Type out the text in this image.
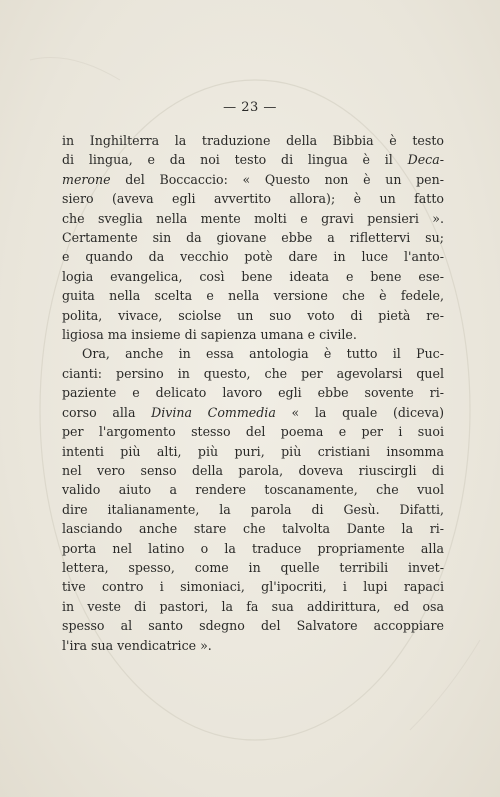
— 23 —
in Inghilterra la traduzione della Bibbia è testo
di lingua, e da noi testo di lingua è il Deca-
merone del Boccaccio: « Questo non è un pen-
siero (aveva egli avvertito allora); è un fatto
che sveglia nella mente molti e gravi pensieri ».
Certamente sin da giovane ebbe a riflettervi su;
e quando da vecchio potè dare in luce l'anto-
logia evangelica, così bene ideata e bene ese-
guita nella scelta e nella versione che è fedele,
polita, vivace, sciolse un suo voto di pietà re-
ligiosa ma insieme di sapienza umana e civile.
Ora, anche in essa antologia è tutto il Puc-
cianti: persino in questo, che per agevolarsi quel
paziente e delicato lavoro egli ebbe sovente ri-
corso alla Divina Commedia « la quale (diceva)
per l'argomento stesso del poema e per i suoi
intenti più alti, più puri, più cristiani insomma
nel vero senso della parola, doveva riuscirgli di
valido aiuto a rendere toscanamente, che vuol
dire italianamente, la parola di Gesù. Difatti,
lasciando anche stare che talvolta Dante la ri-
porta nel latino o la traduce propriamente alla
lettera, spesso, come in quelle terribili invet-
tive contro i simoniaci, gl'ipocriti, i lupi rapaci
in veste di pastori, la fa sua addirittura, ed osa
spesso al santo sdegno del Salvatore accoppiare
l'ira sua vendicatrice ».
